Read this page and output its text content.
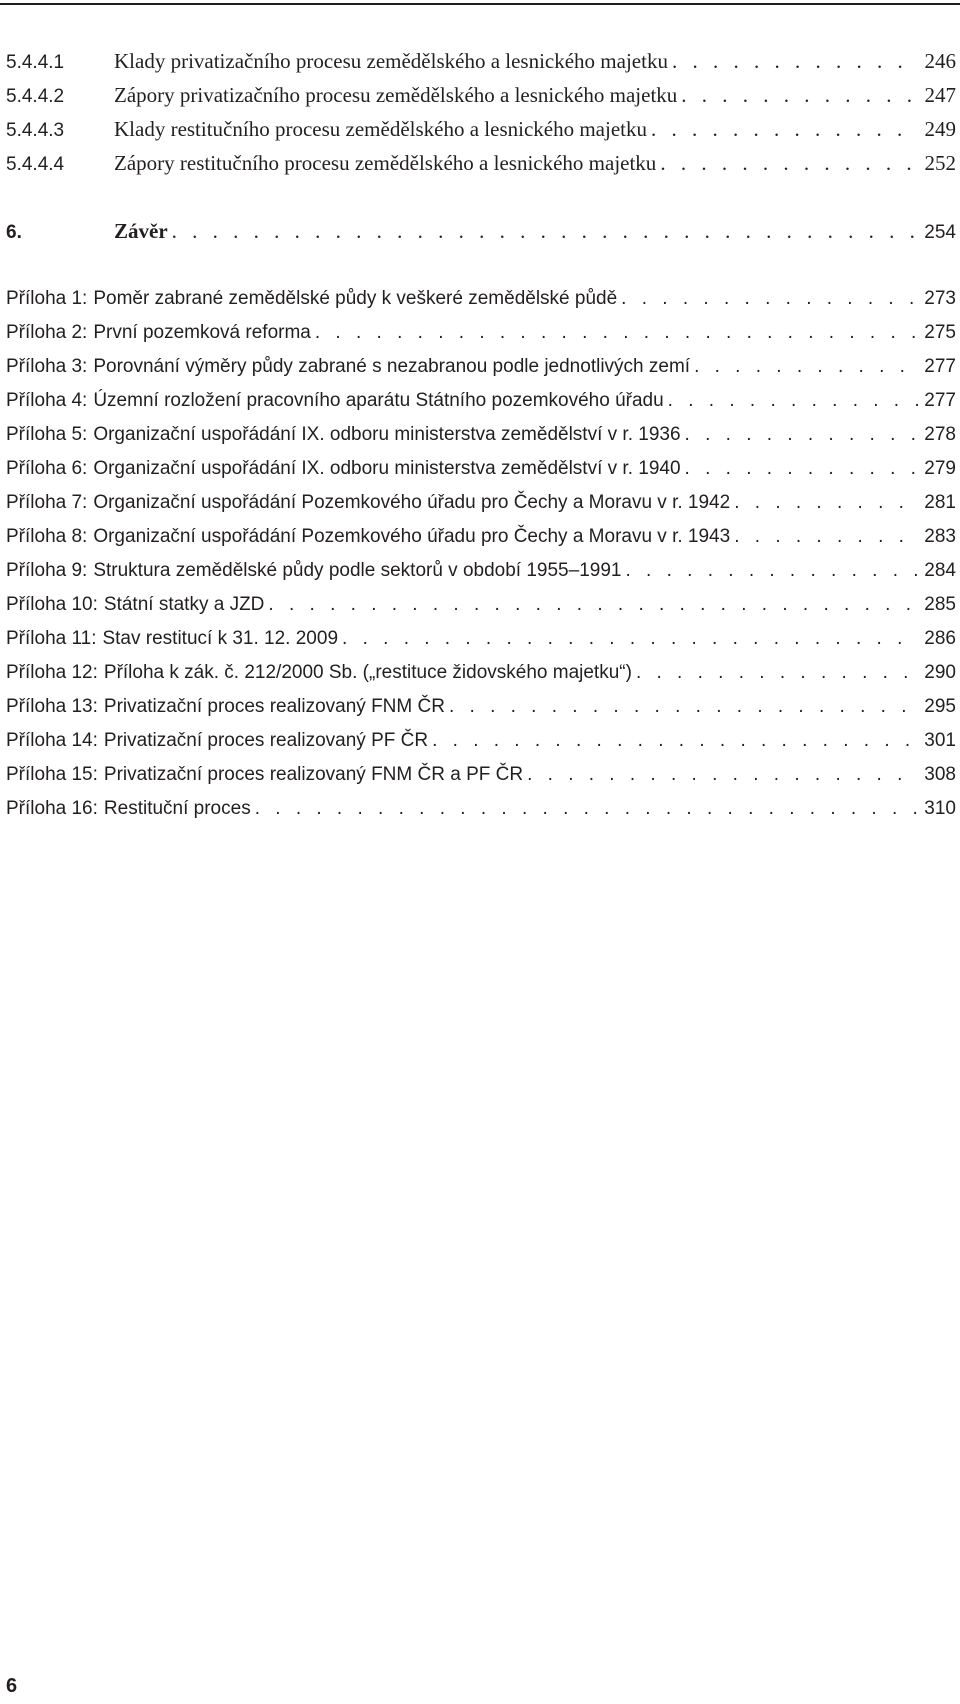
5.4.4.1	Klady privatizačního procesu zemědělského a lesnického majetku . . .	246
5.4.4.2	Zápory privatizačního procesu zemědělského a lesnického majetku . . .	247
5.4.4.3	Klady restitučního procesu zemědělského a lesnického majetku . . .	249
5.4.4.4	Zápory restitučního procesu zemědělského a lesnického majetku . . .	252
6.	Závěr . . .	254
Příloha 1: Poměr zabrané zemědělské půdy k veškeré zemědělské půdě . . .	273
Příloha 2: První pozemková reforma . . .	275
Příloha 3: Porovnání výměry půdy zabrané s nezabranou podle jednotlivých zemí . . .	277
Příloha 4: Územní rozložení pracovního aparátu Státního pozemkového úřadu . . .	277
Příloha 5: Organizační uspořádání IX. odboru ministerstva zemědělství v r. 1936 . . .	278
Příloha 6: Organizační uspořádání IX. odboru ministerstva zemědělství v r. 1940 . . .	279
Příloha 7: Organizační uspořádání Pozemkového úřadu pro Čechy a Moravu v r. 1942 . . .	281
Příloha 8: Organizační uspořádání Pozemkového úřadu pro Čechy a Moravu v r. 1943 . . .	283
Příloha 9: Struktura zemědělské půdy podle sektorů v období 1955–1991 . . .	284
Příloha 10: Státní statky a JZD . . .	285
Příloha 11: Stav restitucí k 31. 12. 2009 . . .	286
Příloha 12: Příloha k zák. č. 212/2000 Sb. („restituce židovského majetku“) . . .	290
Příloha 13: Privatizační proces realizovaný FNM ČR . . .	295
Příloha 14: Privatizační proces realizovaný PF ČR . . .	301
Příloha 15: Privatizační proces realizovaný FNM ČR a PF ČR . . .	308
Příloha 16: Restituční proces . . .	310
6
